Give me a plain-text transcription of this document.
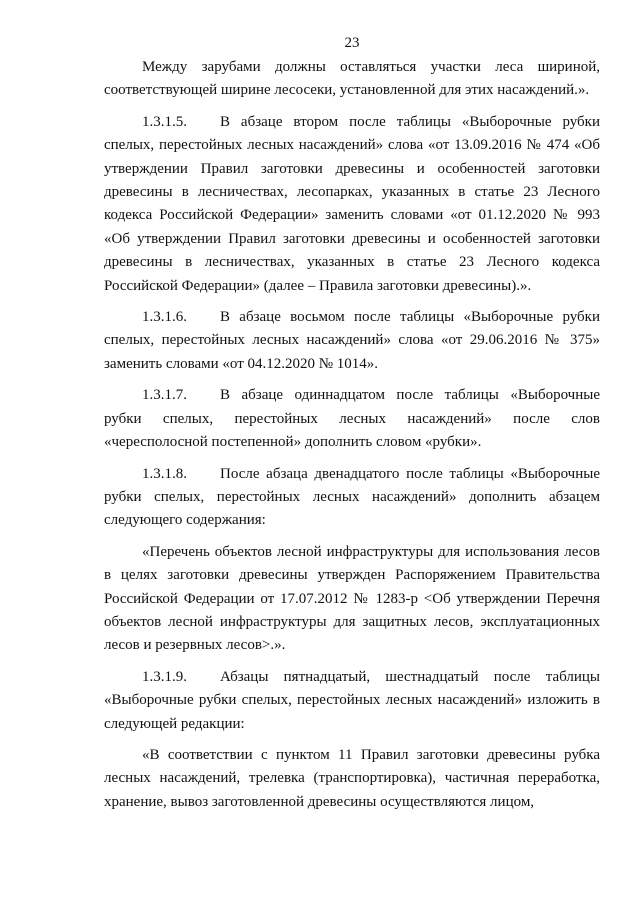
23

Между зарубами должны оставляться участки леса шириной, соответствующей ширине лесосеки, установленной для этих насаждений.».

1.3.1.5. В абзаце втором после таблицы «Выборочные рубки спелых, перестойных лесных насаждений» слова «от 13.09.2016 № 474 «Об утверждении Правил заготовки древесины и особенностей заготовки древесины в лесничествах, лесопарках, указанных в статье 23 Лесного кодекса Российской Федерации» заменить словами «от 01.12.2020 № 993 «Об утверждении Правил заготовки древесины и особенностей заготовки древесины в лесничествах, указанных в статье 23 Лесного кодекса Российской Федерации» (далее – Правила заготовки древесины).».

1.3.1.6. В абзаце восьмом после таблицы «Выборочные рубки спелых, перестойных лесных насаждений» слова «от 29.06.2016 № 375» заменить словами «от 04.12.2020 № 1014».

1.3.1.7. В абзаце одиннадцатом после таблицы «Выборочные рубки спелых, перестойных лесных насаждений» после слов «чересполосной постепенной» дополнить словом «рубки».

1.3.1.8. После абзаца двенадцатого после таблицы «Выборочные рубки спелых, перестойных лесных насаждений» дополнить абзацем следующего содержания:

«Перечень объектов лесной инфраструктуры для использования лесов в целях заготовки древесины утвержден Распоряжением Правительства Российской Федерации от 17.07.2012 № 1283-р <Об утверждении Перечня объектов лесной инфраструктуры для защитных лесов, эксплуатационных лесов и резервных лесов>.».

1.3.1.9. Абзацы пятнадцатый, шестнадцатый после таблицы «Выборочные рубки спелых, перестойных лесных насаждений» изложить в следующей редакции:

«В соответствии с пунктом 11 Правил заготовки древесины рубка лесных насаждений, трелевка (транспортировка), частичная переработка, хранение, вывоз заготовленной древесины осуществляются лицом,
